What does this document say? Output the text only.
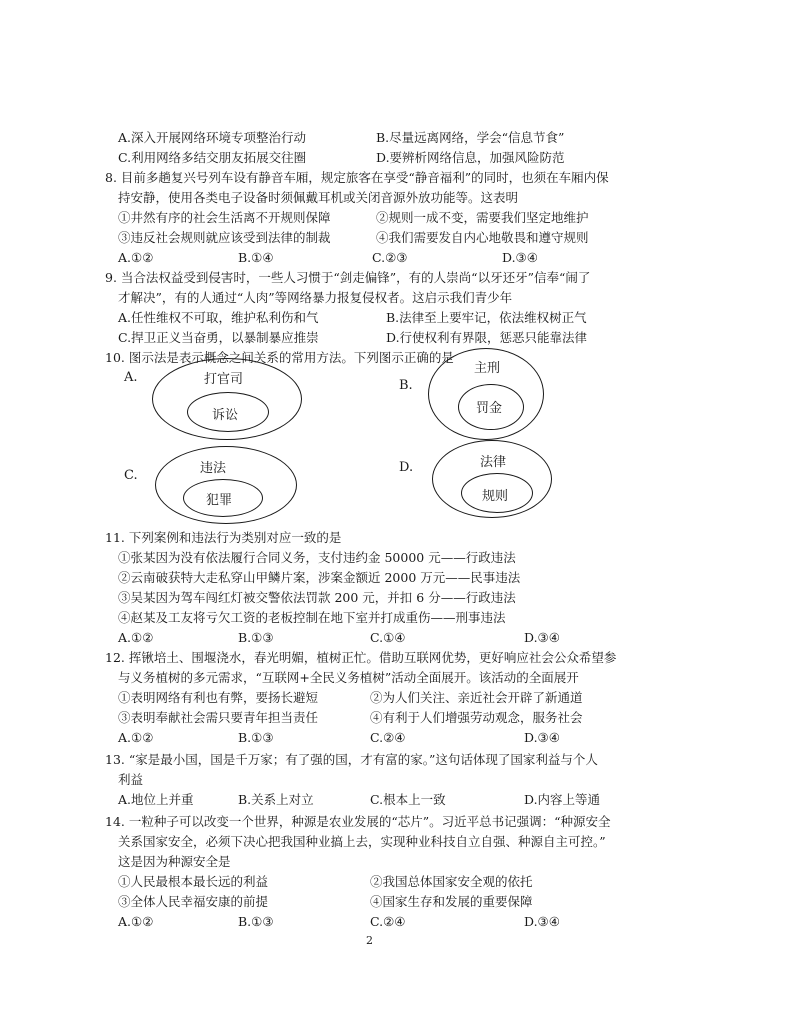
A.深入开展网络环境专项整治行动	B.尽量远离网络，学会“信息节食”
C.利用网络多结交朋友拓展交往圈	D.要辨析网络信息，加强风险防范
8. 目前多趟复兴号列车设有静音车厢，规定旅客在享受“静音福利”的同时，也须在车厢内保
持安静，使用各类电子设备时须佩戴耳机或关闭音源外放功能等。这表明
①井然有序的社会生活离不开规则保障	②规则一成不变，需要我们坚定地维护
③违反社会规则就应该受到法律的制裁	④我们需要发自内心地敬畏和遵守规则
A.①②	B.①④	C.②③	D.③④
9. 当合法权益受到侵害时，一些人习惯于“剑走偏锋”，有的人崇尚“以牙还牙”信奉“闹了
才解决”，有的人通过“人肉”等网络暴力报复侵权者。这启示我们青少年
A.任性维权不可取，维护私利伤和气	B.法律至上要牢记，依法维权树正气
C.捍卫正义当奋勇，以暴制暴应推崇	D.行使权利有界限，惩恶只能靠法律
10. 图示法是表示概念之间关系的常用方法。下列图示正确的是
A.	打官司
诉讼
B.
主刑
罚金
C.	违法
犯罪
D.	法律
规则
11. 下列案例和违法行为类别对应一致的是
①张某因为没有依法履行合同义务，支付违约金 50000 元——行政违法
②云南破获特大走私穿山甲鳞片案，涉案金额近 2000 万元——民事违法
③吴某因为驾车闯红灯被交警依法罚款 200 元，并扣 6 分——行政违法
④赵某及工友将亏欠工资的老板控制在地下室并打成重伤——刑事违法
A.①②	B.①③	C.①④	D.③④
12. 挥锹培土、围堰浇水，春光明媚，植树正忙。借助互联网优势，更好响应社会公众希望参
与义务植树的多元需求，“互联网+全民义务植树”活动全面展开。该活动的全面展开
①表明网络有利也有弊，要扬长避短	②为人们关注、亲近社会开辟了新通道
③表明奉献社会需只要青年担当责任	④有利于人们增强劳动观念，服务社会
A.①②	B.①③	C.②④	D.③④
13. “家是最小国，国是千万家；有了强的国，才有富的家。”这句话体现了国家利益与个人
利益
A.地位上并重	B.关系上对立	C.根本上一致	D.内容上等通
14. 一粒种子可以改变一个世界，种源是农业发展的“芯片”。习近平总书记强调：“种源安全
关系国家安全，必须下决心把我国种业搞上去，实现种业科技自立自强、种源自主可控。”
这是因为种源安全是
①人民最根本最长远的利益	②我国总体国家安全观的依托
③全体人民幸福安康的前提	④国家生存和发展的重要保障
A.①②	B.①③	C.②④	D.③④
2
